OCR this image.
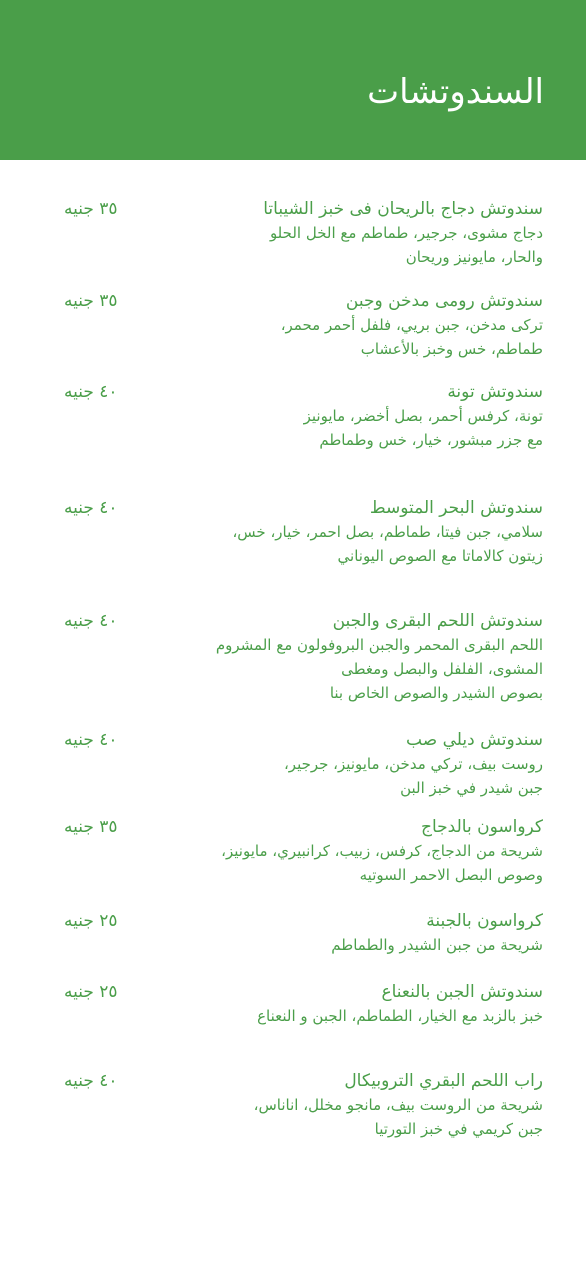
السندوتشات
سندوتش دجاج بالريحان فى خبز الشيباتا
٣٥ جنيه
دجاج مشوى، جرجير، طماطم مع الخل الحلو
والحار، مايونيز وريحان
سندوتش رومى مدخن وجبن
٣٥ جنيه
تركى مدخن، جبن بريي، فلفل أحمر محمر،
طماطم، خس وخبز بالأعشاب
سندوتش تونة
٤٠ جنيه
تونة، كرفس أحمر، بصل أخضر، مايونيز
مع جزر مبشور، خيار، خس وطماطم
سندوتش البحر المتوسط
٤٠ جنيه
سلامي، جبن فيتا، طماطم، بصل احمر، خيار، خس،
زيتون كالاماتا مع الصوص اليوناني
سندوتش اللحم البقرى والجبن
٤٠ جنيه
اللحم البقرى المحمر والجبن البروفولون مع المشروم
المشوى، الفلفل والبصل ومغطى
بصوص الشيدر والصوص الخاص بنا
سندوتش ديلي صب
٤٠ جنيه
روست بيف، تركي مدخن، مايونيز، جرجير،
جبن شيدر في خبز البن
كرواسون بالدجاج
٣٥ جنيه
شريحة من الدجاج، كرفس، زبيب، كرانبيري، مايونيز،
وصوص البصل الاحمر السوتيه
كرواسون بالجبنة
٢٥ جنيه
شريحة من جبن الشيدر والطماطم
سندوتش الجبن بالنعناع
٢٥ جنيه
خبز بالزبد مع الخيار، الطماطم، الجبن و النعناع
راب اللحم البقري التروبيكال
٤٠ جنيه
شريحة من الروست بيف، مانجو مخلل، اناناس،
جبن كريمي في خبز التورتيا
